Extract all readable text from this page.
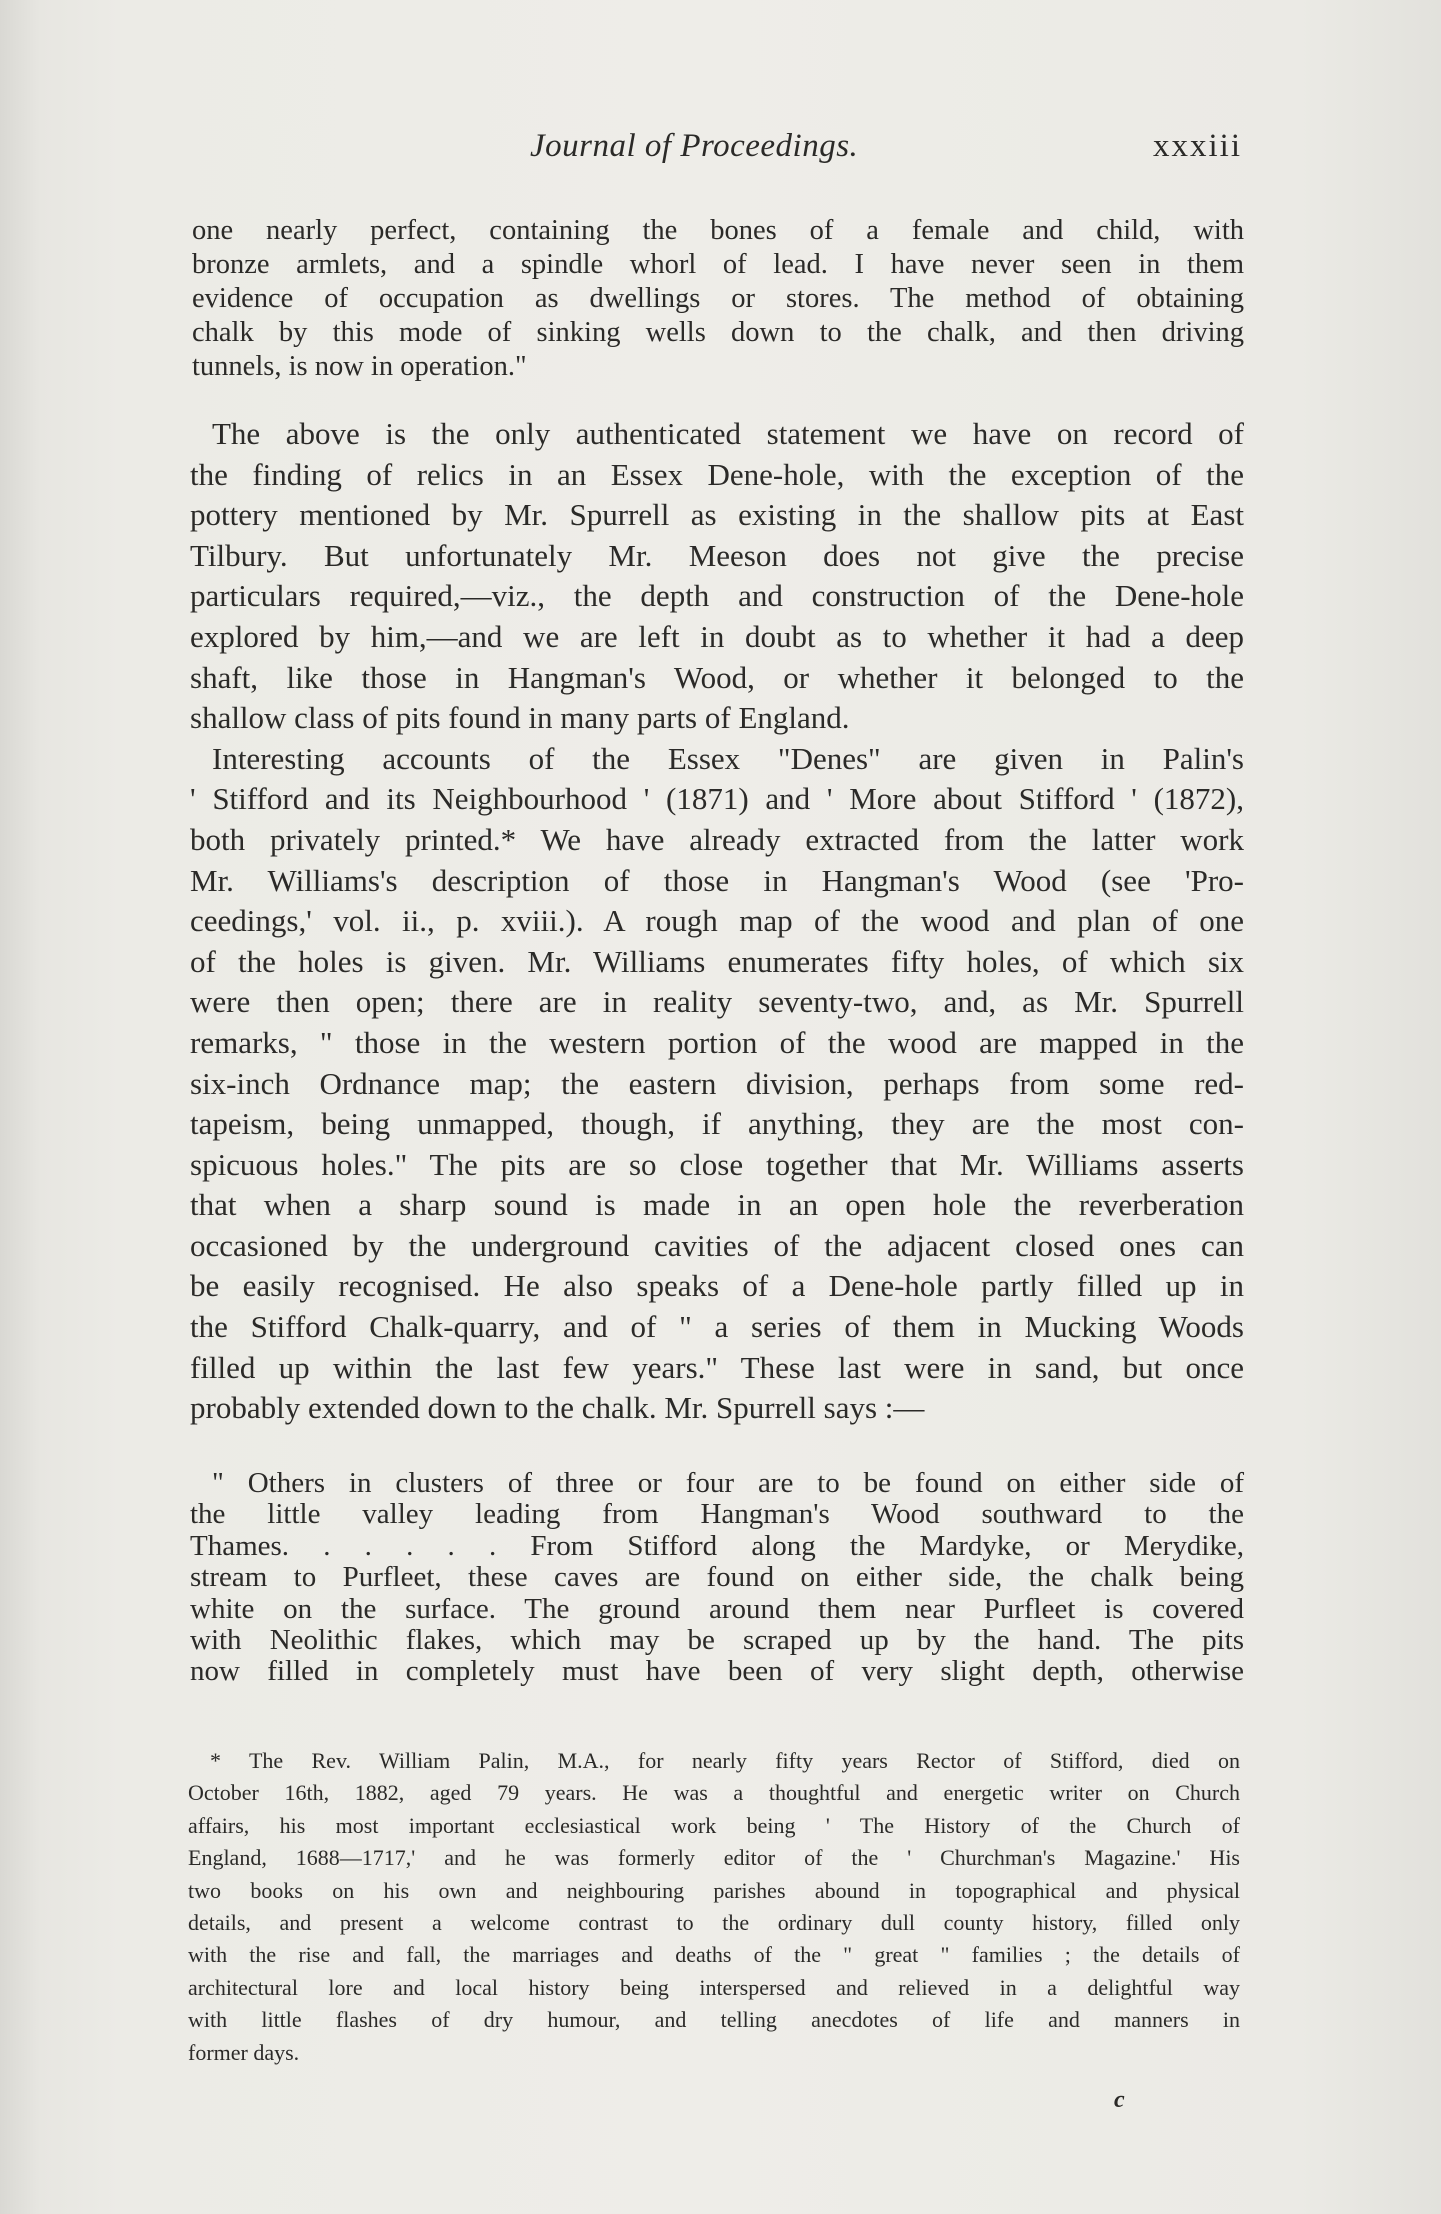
Journal of Proceedings.	xxxiii
one nearly perfect, containing the bones of a female and child, with
bronze armlets, and a spindle whorl of lead. I have never seen in them
evidence of occupation as dwellings or stores. The method of obtaining
chalk by this mode of sinking wells down to the chalk, and then driving
tunnels, is now in operation."
The above is the only authenticated statement we have on record of
the finding of relics in an Essex Dene-hole, with the exception of the
pottery mentioned by Mr. Spurrell as existing in the shallow pits at East
Tilbury. But unfortunately Mr. Meeson does not give the precise
particulars required,—viz., the depth and construction of the Dene-hole
explored by him,—and we are left in doubt as to whether it had a deep
shaft, like those in Hangman's Wood, or whether it belonged to the
shallow class of pits found in many parts of England.
Interesting accounts of the Essex "Denes" are given in Palin's
' Stifford and its Neighbourhood ' (1871) and ' More about Stifford ' (1872),
both privately printed.* We have already extracted from the latter work
Mr. Williams's description of those in Hangman's Wood (see 'Pro-
ceedings,' vol. ii., p. xviii.). A rough map of the wood and plan of one
of the holes is given. Mr. Williams enumerates fifty holes, of which six
were then open; there are in reality seventy-two, and, as Mr. Spurrell
remarks, " those in the western portion of the wood are mapped in the
six-inch Ordnance map; the eastern division, perhaps from some red-
tapeism, being unmapped, though, if anything, they are the most con-
spicuous holes." The pits are so close together that Mr. Williams asserts
that when a sharp sound is made in an open hole the reverberation
occasioned by the underground cavities of the adjacent closed ones can
be easily recognised. He also speaks of a Dene-hole partly filled up in
the Stifford Chalk-quarry, and of " a series of them in Mucking Woods
filled up within the last few years." These last were in sand, but once
probably extended down to the chalk. Mr. Spurrell says :—
" Others in clusters of three or four are to be found on either side of
the little valley leading from Hangman's Wood southward to the
Thames. . . . . . From Stifford along the Mardyke, or Merydike,
stream to Purfleet, these caves are found on either side, the chalk being
white on the surface. The ground around them near Purfleet is covered
with Neolithic flakes, which may be scraped up by the hand. The pits
now filled in completely must have been of very slight depth, otherwise
* The Rev. William Palin, M.A., for nearly fifty years Rector of Stifford, died on
October 16th, 1882, aged 79 years. He was a thoughtful and energetic writer on Church
affairs, his most important ecclesiastical work being ' The History of the Church of
England, 1688—1717,' and he was formerly editor of the ' Churchman's Magazine.' His
two books on his own and neighbouring parishes abound in topographical and physical
details, and present a welcome contrast to the ordinary dull county history, filled only
with the rise and fall, the marriages and deaths of the " great " families ; the details of
architectural lore and local history being interspersed and relieved in a delightful way
with little flashes of dry humour, and telling anecdotes of life and manners in
former days.
c
